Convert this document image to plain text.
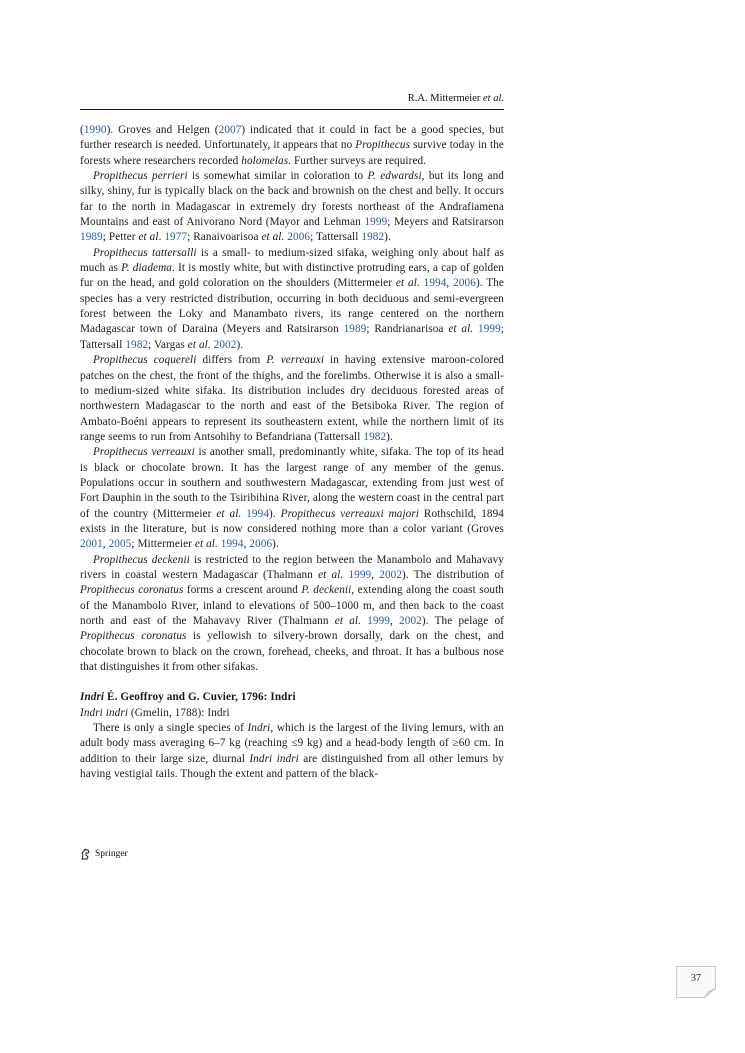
R.A. Mittermeier et al.

(1990). Groves and Helgen (2007) indicated that it could in fact be a good species, but further research is needed. Unfortunately, it appears that no Propithecus survive today in the forests where researchers recorded holomelas. Further surveys are required.

Propithecus perrieri is somewhat similar in coloration to P. edwardsi, but its long and silky, shiny, fur is typically black on the back and brownish on the chest and belly. It occurs far to the north in Madagascar in extremely dry forests northeast of the Andrafiamena Mountains and east of Anivorano Nord (Mayor and Lehman 1999; Meyers and Ratsirarson 1989; Petter et al. 1977; Ranaivoarisoa et al. 2006; Tattersall 1982).

Propithecus tattersalli is a small- to medium-sized sifaka, weighing only about half as much as P. diadema. It is mostly white, but with distinctive protruding ears, a cap of golden fur on the head, and gold coloration on the shoulders (Mittermeier et al. 1994, 2006). The species has a very restricted distribution, occurring in both deciduous and semi-evergreen forest between the Loky and Manambato rivers, its range centered on the northern Madagascar town of Daraina (Meyers and Ratsirarson 1989; Randrianarisoa et al. 1999; Tattersall 1982; Vargas et al. 2002).

Propithecus coquereli differs from P. verreauxi in having extensive maroon-colored patches on the chest, the front of the thighs, and the forelimbs. Otherwise it is also a small- to medium-sized white sifaka. Its distribution includes dry deciduous forested areas of northwestern Madagascar to the north and east of the Betsiboka River. The region of Ambato-Boéni appears to represent its southeastern extent, while the northern limit of its range seems to run from Antsohihy to Befandriana (Tattersall 1982).

Propithecus verreauxi is another small, predominantly white, sifaka. The top of its head is black or chocolate brown. It has the largest range of any member of the genus. Populations occur in southern and southwestern Madagascar, extending from just west of Fort Dauphin in the south to the Tsiribihina River, along the western coast in the central part of the country (Mittermeier et al. 1994). Propithecus verreauxi majori Rothschild, 1894 exists in the literature, but is now considered nothing more than a color variant (Groves 2001, 2005; Mittermeier et al. 1994, 2006).

Propithecus deckenii is restricted to the region between the Manambolo and Mahavavy rivers in coastal western Madagascar (Thalmann et al. 1999, 2002). The distribution of Propithecus coronatus forms a crescent around P. deckenii, extending along the coast south of the Manambolo River, inland to elevations of 500–1000 m, and then back to the coast north and east of the Mahavavy River (Thalmann et al. 1999, 2002). The pelage of Propithecus coronatus is yellowish to silvery-brown dorsally, dark on the chest, and chocolate brown to black on the crown, forehead, cheeks, and throat. It has a bulbous nose that distinguishes it from other sifakas.

Indri É. Geoffroy and G. Cuvier, 1796: Indri

Indri indri (Gmelin, 1788): Indri

There is only a single species of Indri, which is the largest of the living lemurs, with an adult body mass averaging 6–7 kg (reaching ≤9 kg) and a head-body length of ≥60 cm. In addition to their large size, diurnal Indri indri are distinguished from all other lemurs by having vestigial tails. Though the extent and pattern of the black-

Springer
37
